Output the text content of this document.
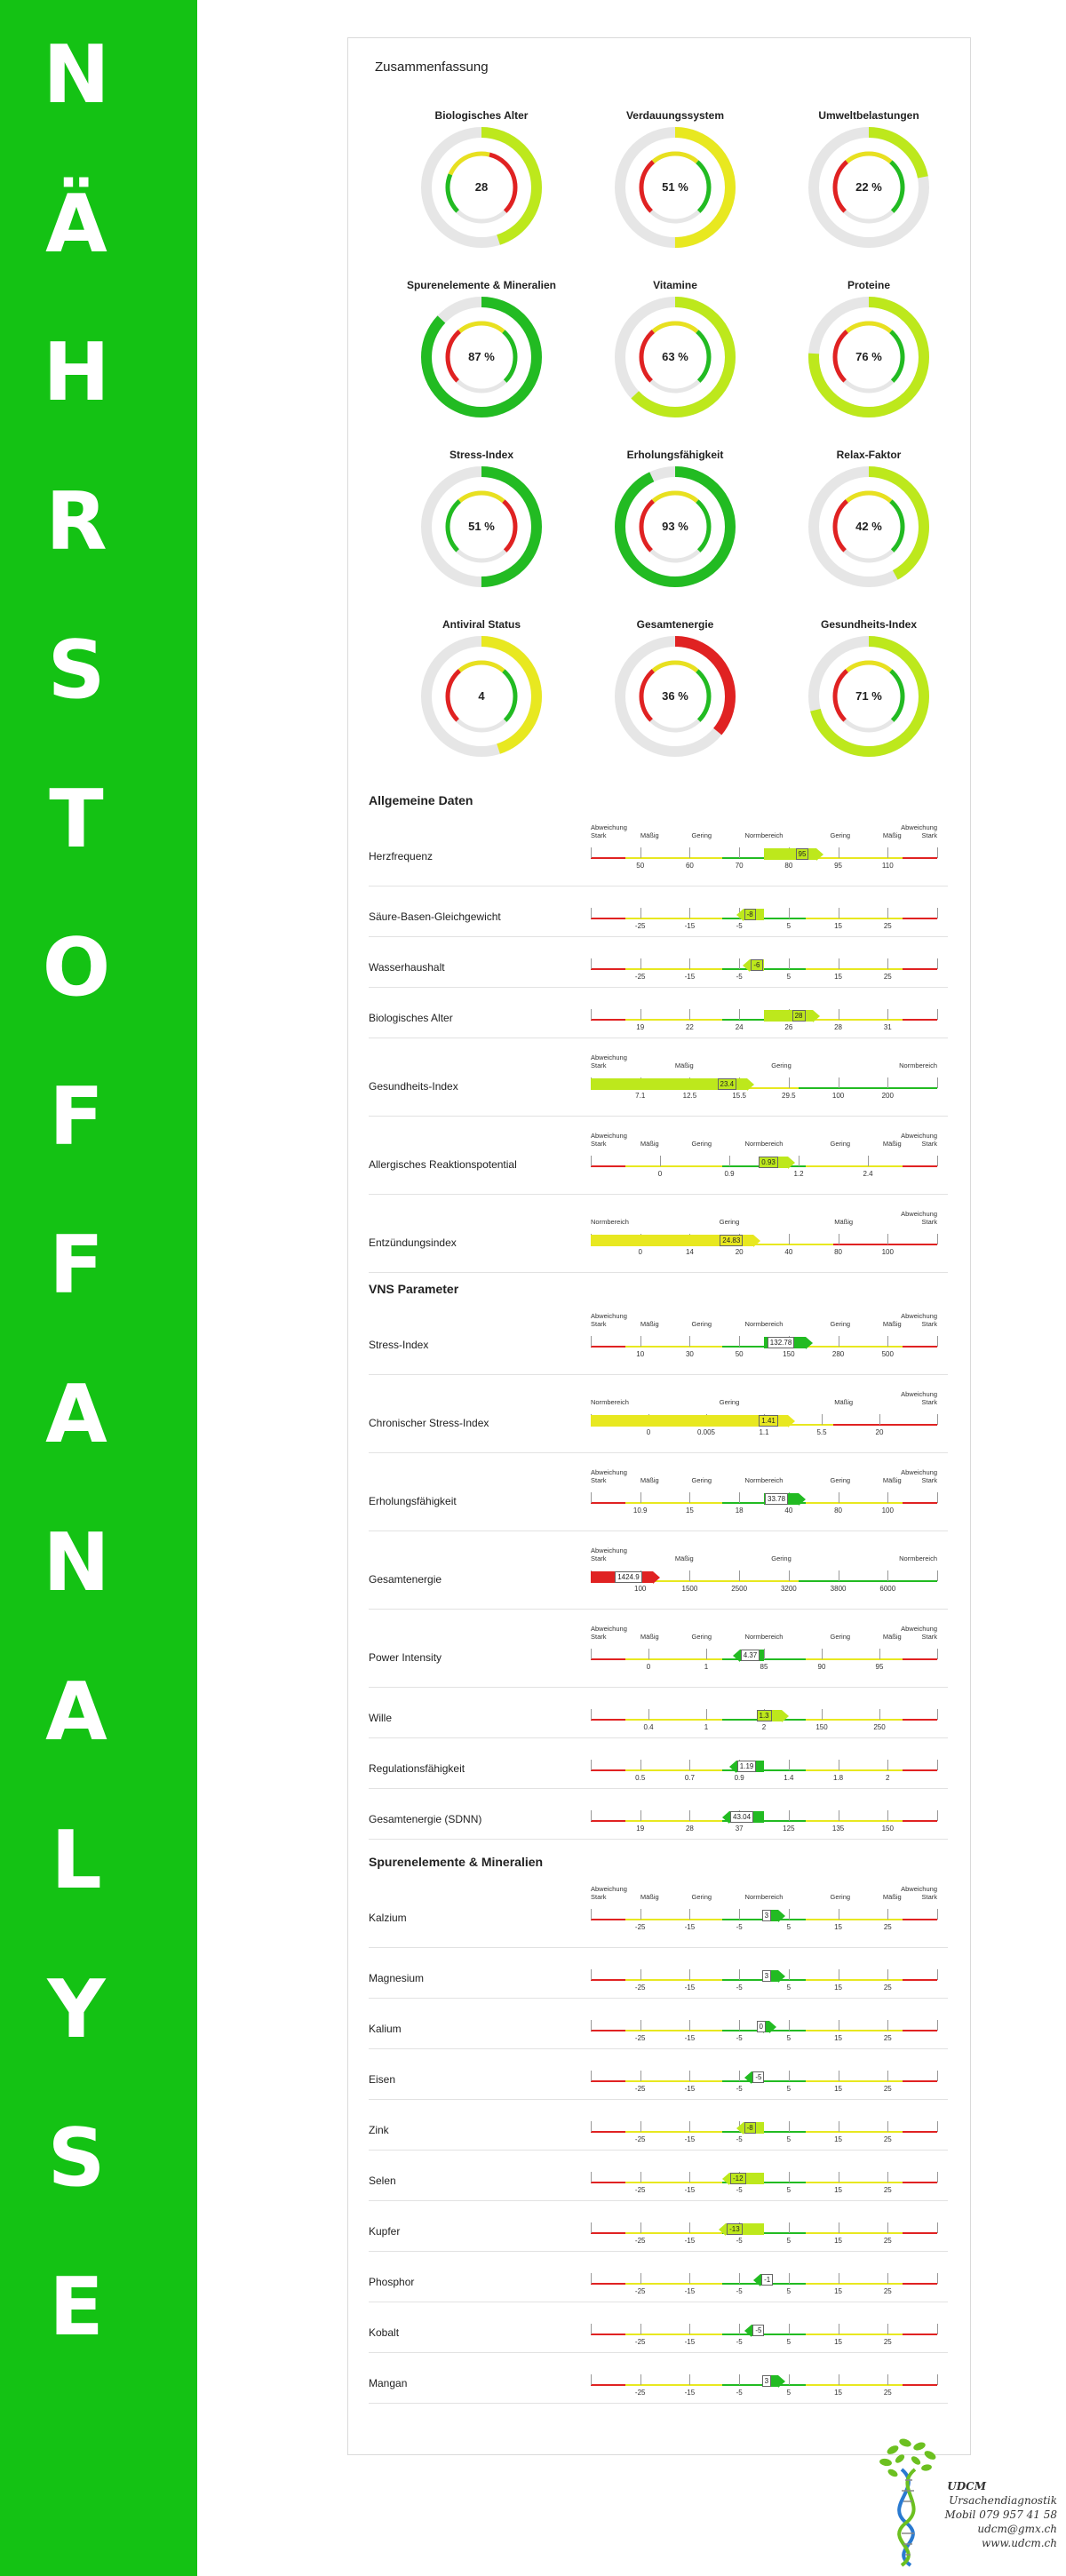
N
Ä
H
R
S
T
O
F
F
A
N
A
L
Y
S
E
Zusammenfassung
Biologisches Alter
28
Verdauungssystem
51 %
Umweltbelastungen
22 %
Spurenelemente & Mineralien
87 %
Vitamine
63 %
Proteine
76 %
Stress-Index
51 %
Erholungsfähigkeit
93 %
Relax-Faktor
42 %
Antiviral Status
4
Gesamtenergie
36 %
Gesundheits-Index
71 %
Allgemeine Daten
Herzfrequenz
Abweichung
Stark	Mäßig	Gering	Normbereich	Gering	Mäßig
Abweichung
Stark
50	60	70	80	95	110
95
Säure-Basen-Gleichgewicht
-25	-15	-5	5	15	25
-8
Wasserhaushalt
-25	-15	-5	5	15	25
-6
Biologisches Alter
19	22	24	26	28	31
28
Gesundheits-Index
Abweichung
Stark	Mäßig	Gering	Normbereich
7.1	12.5	15.5	29.5	100	200
23.4
Allergisches Reaktionspotential
Abweichung
Stark	Mäßig	Gering	Normbereich	Gering	Mäßig
Abweichung
Stark
0	0.9	1.2	2.4
0.93
Entzündungsindex
Normbereich	Gering	Mäßig
Abweichung
Stark
0	14	20	40	80	100
24.83
VNS Parameter
Stress-Index
Abweichung
Stark	Mäßig	Gering	Normbereich	Gering	Mäßig
Abweichung
Stark
10	30	50	150	280	500
132.78
Chronischer Stress-Index
Normbereich	Gering	Mäßig
Abweichung
Stark
0	0.005	1.1	5.5	20
1.41
Erholungsfähigkeit
Abweichung
Stark	Mäßig	Gering	Normbereich	Gering	Mäßig
Abweichung
Stark
10.9	15	18	40	80	100
33.78
Gesamtenergie
Abweichung
Stark	Mäßig	Gering	Normbereich
100	1500	2500	3200	3800	6000
1424.9
Power Intensity
Abweichung
Stark	Mäßig	Gering	Normbereich	Gering	Mäßig
Abweichung
Stark
0	1	85	90	95
4.37
Wille
0.4	1	2	150	250
1.3
Regulationsfähigkeit
0.5	0.7	0.9	1.4	1.8	2
1.19
Gesamtenergie (SDNN)
19	28	37	125	135	150
43.04
Spurenelemente & Mineralien
Kalzium
Abweichung
Stark	Mäßig	Gering	Normbereich	Gering	Mäßig
Abweichung
Stark
-25	-15	-5	5	15	25
3
Magnesium
-25	-15	-5	5	15	25
3
Kalium
-25	-15	-5	5	15	25
0
Eisen
-25	-15	-5	5	15	25
-5
Zink
-25	-15	-5	5	15	25
-8
Selen
-25	-15	-5	5	15	25
-12
Kupfer
-25	-15	-5	5	15	25
-13
Phosphor
-25	-15	-5	5	15	25
-1
Kobalt
-25	-15	-5	5	15	25
-5
Mangan
-25	-15	-5	5	15	25
3
UDCM
Ursachendiagnostik
Mobil 079 957 41 58
udcm@gmx.ch
www.udcm.ch
